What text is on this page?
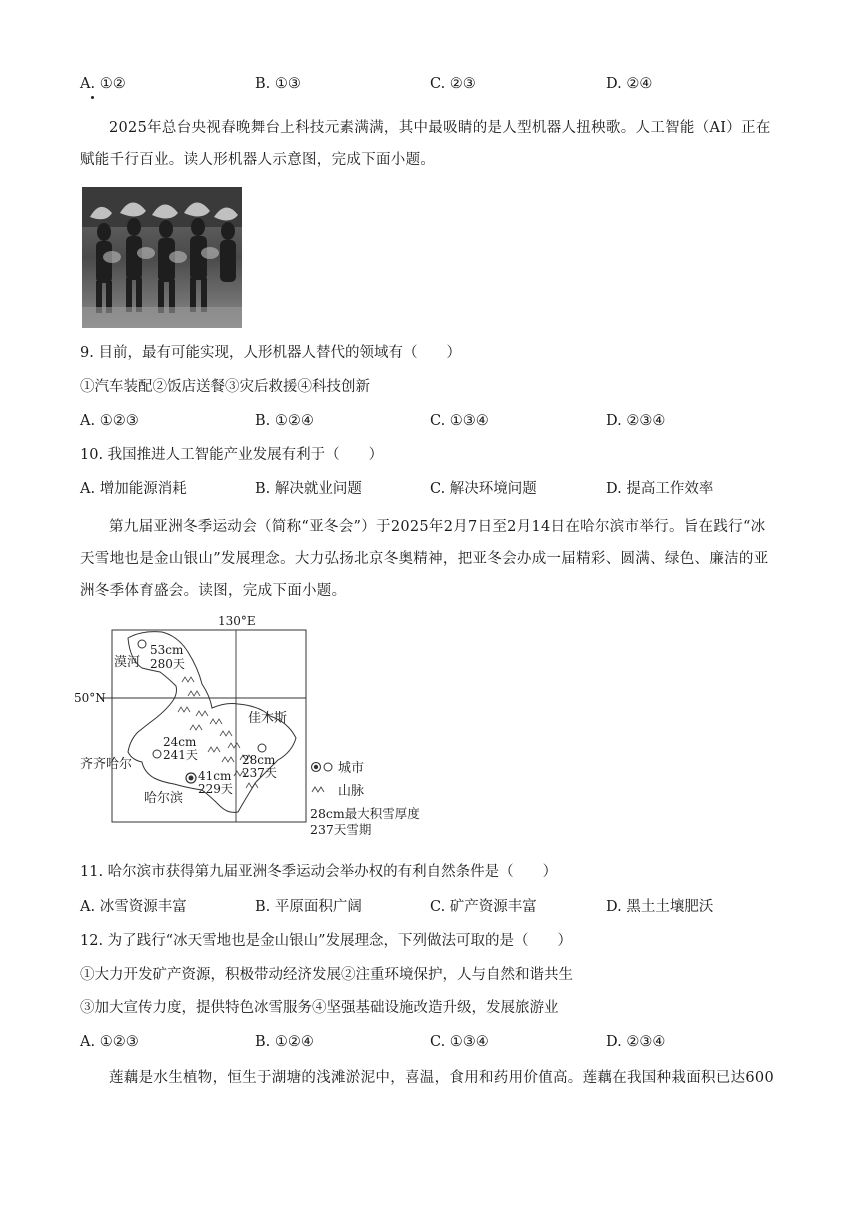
A. ①②	B. ①③	C. ②③	D. ②④
2025年总台央视春晚舞台上科技元素满满，其中最吸睛的是人型机器人扭秧歌。人工智能（AI）正在赋能千行百业。读人形机器人示意图，完成下面小题。
9. 目前，最有可能实现，人形机器人替代的领域有（　　）
①汽车装配②饭店送餐③灾后救援④科技创新
A. ①②③	B. ①②④	C. ①③④	D. ②③④
10. 我国推进人工智能产业发展有利于（　　）
A. 增加能源消耗	B. 解决就业问题	C. 解决环境问题	D. 提高工作效率
第九届亚洲冬季运动会（简称“亚冬会”）于2025年2月7日至2月14日在哈尔滨市举行。旨在践行“冰天雪地也是金山银山”发展理念。大力弘扬北京冬奥精神，把亚冬会办成一届精彩、圆满、绿色、廉洁的亚洲冬季体育盛会。读图，完成下面小题。
130°E
50°N
53cm
280天
漠河
24cm
241天
齐齐哈尔
41cm
229天
哈尔滨
28cm
237天
佳木斯
城市
山脉
28cm最大积雪厚度
237天雪期
11. 哈尔滨市获得第九届亚洲冬季运动会举办权的有利自然条件是（　　）
A. 冰雪资源丰富	B. 平原面积广阔	C. 矿产资源丰富	D. 黑土土壤肥沃
12. 为了践行“冰天雪地也是金山银山”发展理念，下列做法可取的是（　　）
①大力开发矿产资源，积极带动经济发展②注重环境保护，人与自然和谐共生
③加大宣传力度，提供特色冰雪服务④坚强基础设施改造升级，发展旅游业
A. ①②③	B. ①②④	C. ①③④	D. ②③④
莲藕是水生植物，恒生于湖塘的浅滩淤泥中，喜温，食用和药用价值高。莲藕在我国种栽面积已达600
